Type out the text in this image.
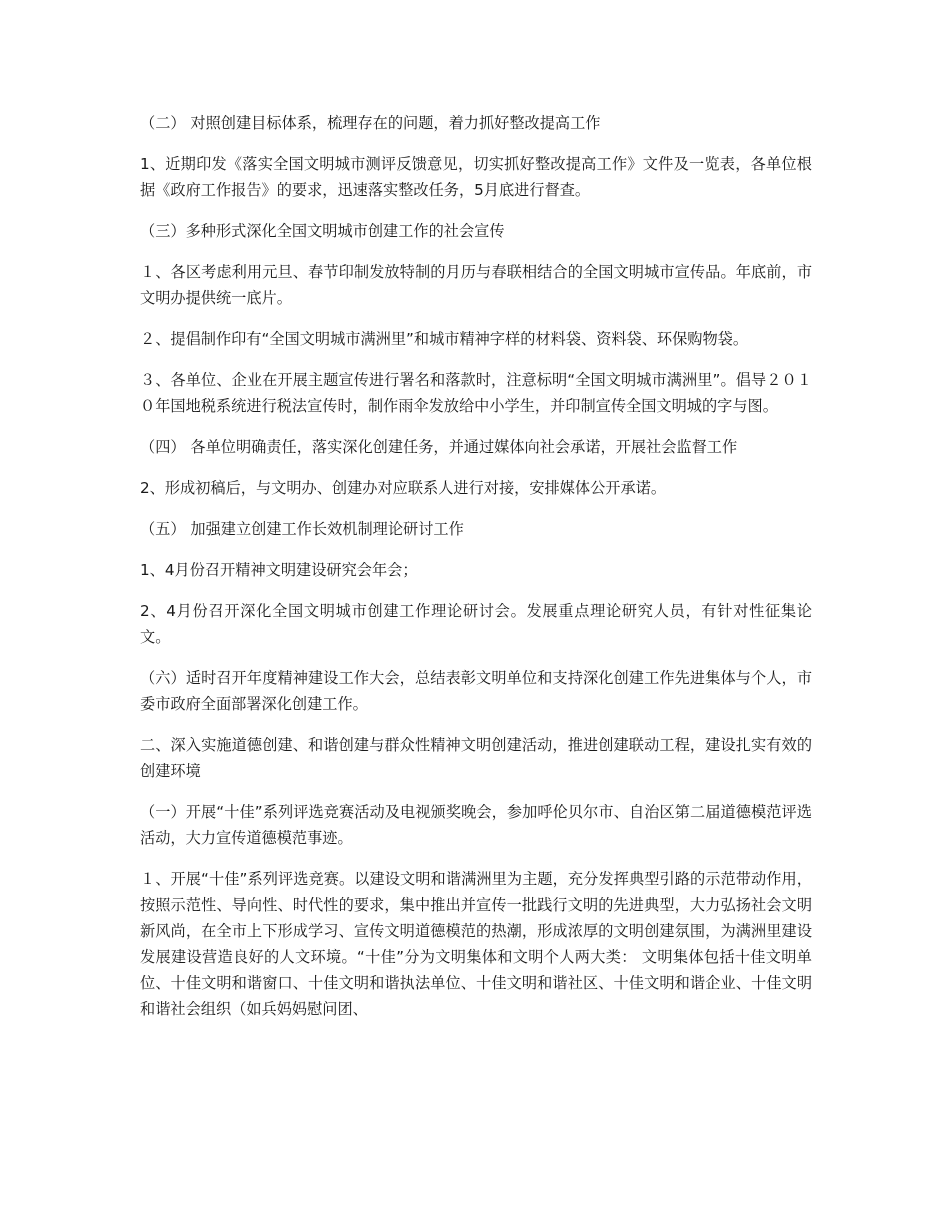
（二） 对照创建目标体系，梳理存在的问题，着力抓好整改提高工作

1、近期印发《落实全国文明城市测评反馈意见，切实抓好整改提高工作》文件及一览表，各单位根据《政府工作报告》的要求，迅速落实整改任务，5月底进行督查。

（三）多种形式深化全国文明城市创建工作的社会宣传

１、各区考虑利用元旦、春节印制发放特制的月历与春联相结合的全国文明城市宣传品。年底前，市文明办提供统一底片。

２、提倡制作印有“全国文明城市满洲里”和城市精神字样的材料袋、资料袋、环保购物袋。

３、各单位、企业在开展主题宣传进行署名和落款时，注意标明“全国文明城市满洲里”。倡导２０１０年国地税系统进行税法宣传时，制作雨伞发放给中小学生，并印制宣传全国文明城的字与图。

（四） 各单位明确责任，落实深化创建任务，并通过媒体向社会承诺，开展社会监督工作

2、形成初稿后，与文明办、创建办对应联系人进行对接，安排媒体公开承诺。

（五） 加强建立创建工作长效机制理论研讨工作

1、4月份召开精神文明建设研究会年会；

2、4月份召开深化全国文明城市创建工作理论研讨会。发展重点理论研究人员，有针对性征集论文。

（六）适时召开年度精神建设工作大会，总结表彰文明单位和支持深化创建工作先进集体与个人，市委市政府全面部署深化创建工作。

二、深入实施道德创建、和谐创建与群众性精神文明创建活动，推进创建联动工程，建设扎实有效的创建环境

（一）开展“十佳”系列评选竞赛活动及电视颁奖晚会，参加呼伦贝尔市、自治区第二届道德模范评选活动，大力宣传道德模范事迹。

１、开展“十佳”系列评选竞赛。以建设文明和谐满洲里为主题，充分发挥典型引路的示范带动作用，按照示范性、导向性、时代性的要求，集中推出并宣传一批践行文明的先进典型，大力弘扬社会文明新风尚，在全市上下形成学习、宣传文明道德模范的热潮，形成浓厚的文明创建氛围，为满洲里建设发展建设营造良好的人文环境。“十佳”分为文明集体和文明个人两大类： 文明集体包括十佳文明单位、十佳文明和谐窗口、十佳文明和谐执法单位、十佳文明和谐社区、十佳文明和谐企业、十佳文明和谐社会组织（如兵妈妈慰问团、
